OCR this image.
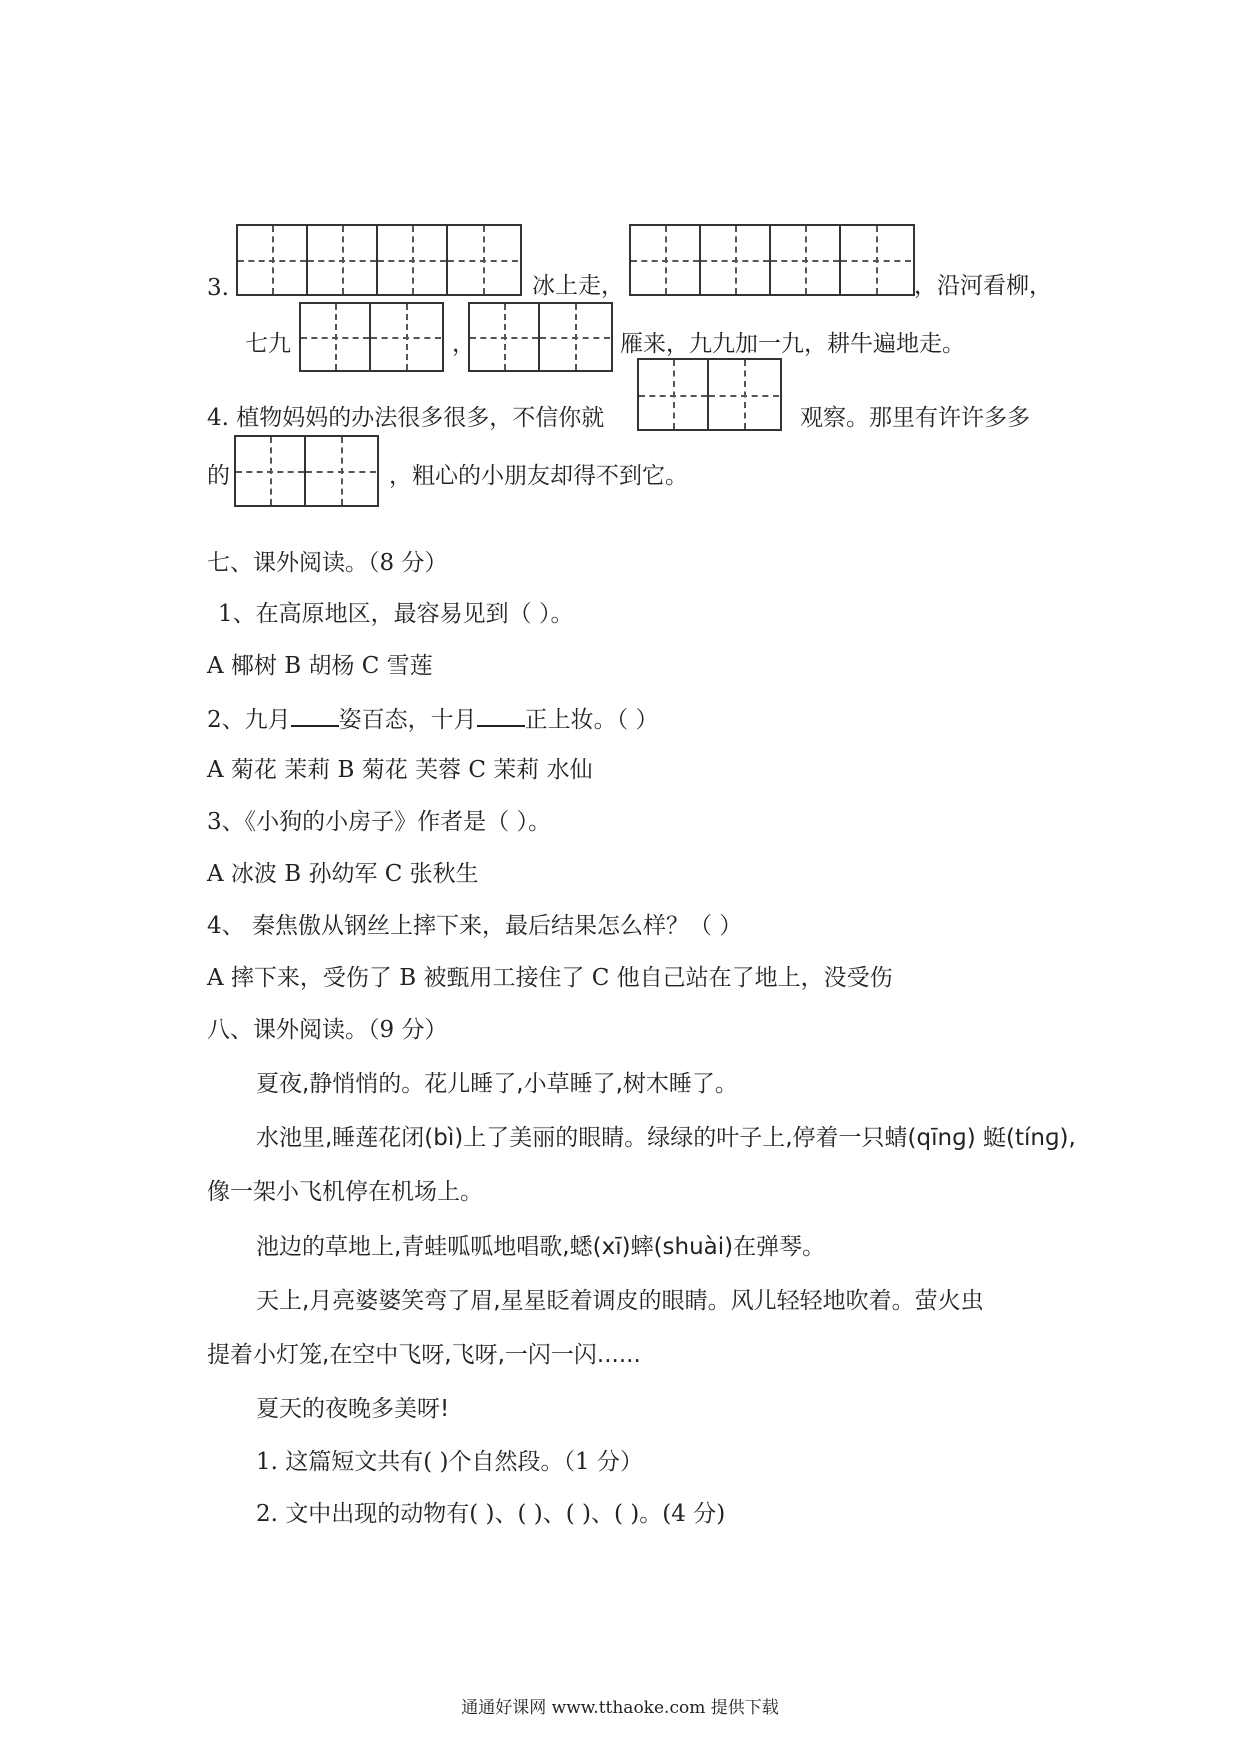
3.	冰上走，	，沿河看柳，
七九	，	雁来，九九加一九，耕牛遍地走。
4. 植物妈妈的办法很多很多，不信你就	观察。那里有许许多多
的	，粗心的小朋友却得不到它。
七、课外阅读。（8 分）
1、在高原地区，最容易见到（ ）。
A 椰树 B 胡杨 C 雪莲
2、九月 姿百态，十月 正上妆。（ ）
A 菊花 茉莉 B 菊花 芙蓉 C 茉莉 水仙
3、《小狗的小房子》作者是（ ）。
A 冰波 B 孙幼军 C 张秋生
4、 秦焦傲从钢丝上摔下来，最后结果怎么样？（ ）
A 摔下来，受伤了 B 被甄用工接住了 C 他自己站在了地上，没受伤
八、课外阅读。（9 分）
夏夜,静悄悄的。花儿睡了,小草睡了,树木睡了。
水池里,睡莲花闭(bì)上了美丽的眼睛。绿绿的叶子上,停着一只蜻(qīnɡ) 蜓(tínɡ),
像一架小飞机停在机场上。
池边的草地上,青蛙呱呱地唱歌,蟋(xī)蟀(shuài)在弹琴。
天上,月亮婆婆笑弯了眉,星星眨着调皮的眼睛。风儿轻轻地吹着。萤火虫
提着小灯笼,在空中飞呀,飞呀,一闪一闪......
夏天的夜晚多美呀!
1. 这篇短文共有( )个自然段。（1 分）
2. 文中出现的动物有( )、( )、( )、( )。(4 分)
通通好课网 www.tthaoke.com 提供下载
